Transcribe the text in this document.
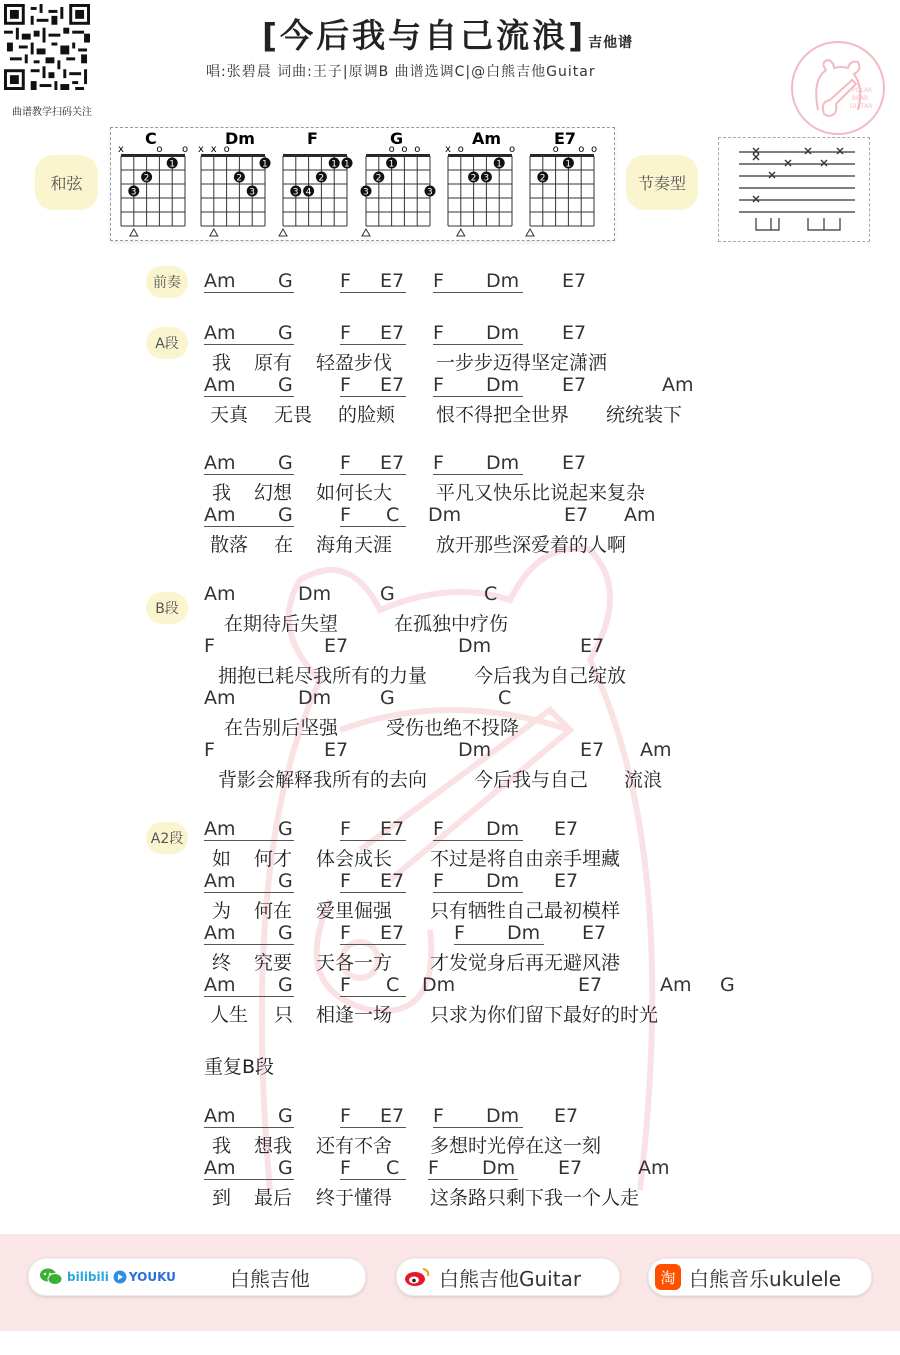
曲谱教学扫码关注
[今后我与自己流浪] 吉他谱
唱:张碧晨 词曲:王子|原调B 曲谱选调C|@白熊吉他Guitar
POLAR
BEAR
GUITAR
和弦	节奏型
C
x	o o
1
2
3
Dm
x x o
1
2
3
F
1 1
2
3 4
G
o o o
2
3	3
1
Am
x o	o
1
2 3
E7
o o o
1
2
前奏
A段
B段
A2段

Am

	G

F

	E7

F

	Dm

E7

Am

	G

F

	E7

F

	Dm

E7

我

原有

轻盈步伐

一步步迈得坚定潇洒

Am

	G

F

	E7

F

	Dm

E7

	Am

天真

无畏

的脸颊

恨不得把全世界

统统装下

Am

	G

F

	E7

F

	Dm

E7

我

幻想

如何长大

平凡又快乐比说起来复杂

Am

	G

F

	C

Dm

	E7

Am

散落

在

海角天涯

放开那些深爱着的人啊

Am

	Dm

	G

	C

在期待后失望

	在孤独中疗伤

F

	E7

	Dm

	E7

拥抱已耗尽我所有的力量

今后我为自己绽放

Am

	Dm

	G

	C

在告别后坚强

	受伤也绝不投降

F

	E7

	Dm

	E7

Am

背影会解释我所有的去向

今后我与自己

流浪

Am

	G

F

	E7

F

	Dm

E7

如

何才

体会成长

不过是将自由亲手埋藏

Am

	G

F

	E7

F

	Dm

E7

为

何在

爱里倔强

只有牺牲自己最初模样

Am

	G

F

	E7

	F

	Dm

E7

终

究要

天各一方

才发觉身后再无避风港

Am

	G

F

	C

Dm

	E7

	Am

G

人生

只

相逢一场

只求为你们留下最好的时光

重复B段

Am

	G

F

	E7

F

	Dm

E7

我

想我

还有不舍

多想时光停在这一刻

Am

	G

F

	C

F

	Dm

E7

	Am

到

最后

终于懂得

这条路只剩下我一个人走

bilibili YOUKU	白熊吉他	白熊吉他Guitar	淘 白熊音乐ukulele
